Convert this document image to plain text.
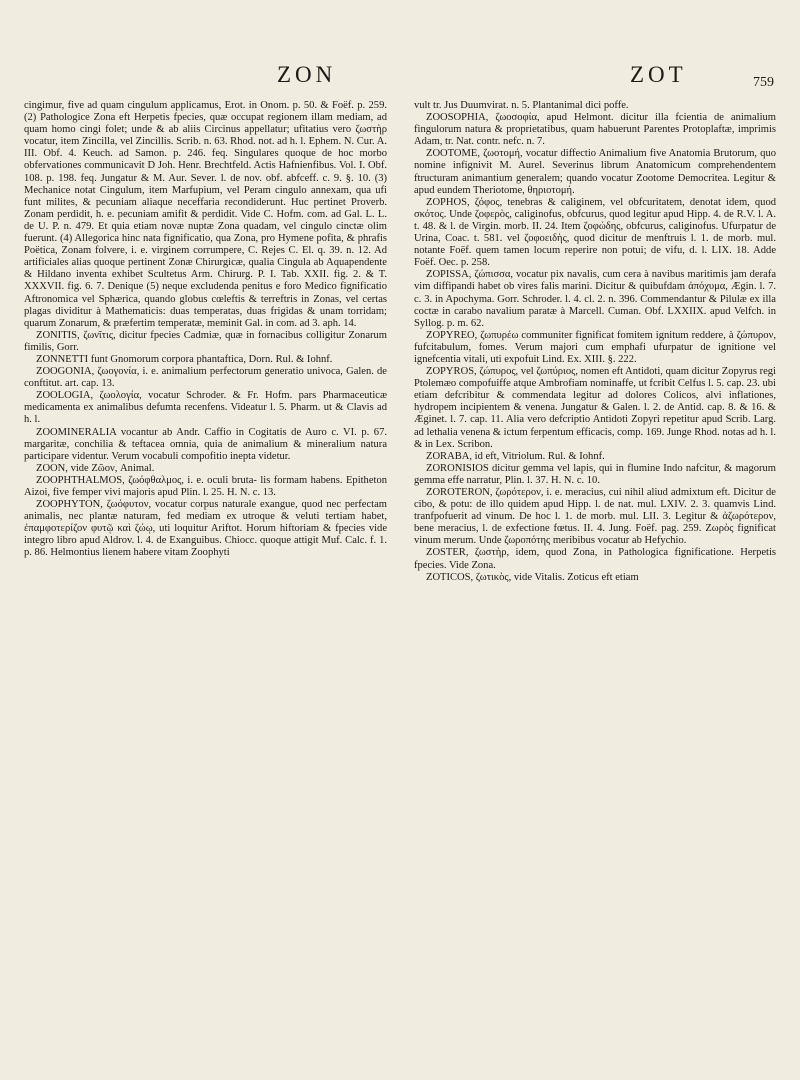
ZON	ZOT	759

cingimur, five ad quam cingulum applicamus, Erot. in Onom. p. 50. & Foëf. p. 259. (2) Pathologice Zona eft Herpetis fpecies, quæ occupat regionem illam mediam, ad quam homo cingi folet; unde & ab aliis Circinus appellatur; ufitatius vero ζωστὴρ vocatur, item Zincilla, vel Zincillis. Scrib. n. 63. Rhod. not. ad h. l. Ephem. N. Cur. A. III. Obf. 4. Keuch. ad Samon. p. 246. feq. Singulares quoque de hoc morbo obfervationes communicavit D Joh. Henr. Brechtfeld. Actis Hafnienfibus. Vol. I. Obf. 108. p. 198. feq. Jungatur & M. Aur. Sever. l. de nov. obf. abfceff. c. 9. §. 10. (3) Mechanice notat Cingulum, item Marfupium, vel Peram cingulo annexam, qua ufi funt milites, & pecuniam aliaque neceffaria recondiderunt. Huc pertinet Proverb. Zonam perdidit, h. e. pecuniam amifit & perdidit. Vide C. Hofm. com. ad Gal. L. L. de U. P. n. 479. Et quia etiam novæ nuptæ Zona quadam, vel cingulo cinctæ olim fuerunt. (4) Allegorica hinc nata fignificatio, qua Zona, pro Hymene pofita, & phrafis Poëtica, Zonam folvere, i. e. virginem corrumpere, C. Rejes C. El. q. 39. n. 12. Ad artificiales alias quoque pertinent Zonæ Chirurgicæ, qualia Cingula ab Aquapendente & Hildano inventa exhibet Scultetus Arm. Chirurg. P. I. Tab. XXII. fig. 2. & T. XXXVII. fig. 6. 7. Denique (5) neque excludenda penitus e foro Medico fignificatio Aftronomica vel Sphærica, quando globus cœleftis & terreftris in Zonas, vel certas plagas dividitur à Mathematicis: duas temperatas, duas frigidas & unam torridam; quarum Zonarum, & præfertim temperatæ, meminit Gal. in com. ad 3. aph. 14.

ZONITIS, ζωνῖτις, dicitur fpecies Cadmiæ, quæ in fornacibus colligitur Zonarum fimilis, Gorr.

ZONNETTI funt Gnomorum corpora phantaftica, Dorn. Rul. & Iohnf.

ZOOGONIA, ζωογονία, i. e. animalium perfectorum generatio univoca, Galen. de conftitut. art. cap. 13.

ZOOLOGIA, ζωολογία, vocatur Schroder. & Fr. Hofm. pars Pharmaceuticæ medicamenta ex animalibus defumta recenfens. Videatur l. 5. Pharm. ut & Clavis ad h. l.

ZOOMINERALIA vocantur ab Andr. Caffio in Cogitatis de Auro c. VI. p. 67. margaritæ, conchilia & teftacea omnia, quia de animalium & mineralium natura participare videntur. Verum vocabuli compofitio inepta videtur.

ZOON, vide Ζῶον, Animal.

ZOOPHTHALMOS, ζωόφθαλμος, i. e. oculi bruta- lis formam habens. Epitheton Aizoi, five femper vivi majoris apud Plin. l. 25. H. N. c. 13.

ZOOPHYTON, ζωόφυτον, vocatur corpus naturale exangue, quod nec perfectam animalis, nec plantæ naturam, fed mediam ex utroque & veluti tertiam habet, ἐπαμφοτερίζον φυτῷ καὶ ζώῳ, uti loquitur Ariftot. Horum hiftoriam & fpecies vide integro libro apud Aldrov. l. 4. de Exanguibus. Chiocc. quoque attigit Muf. Calc. f. 1. p. 86. Helmontius lienem habere vitam Zoophyti

vult tr. Jus Duumvirat. n. 5. Plantanimal dici poffe.

ZOOSOPHIA, ζωοσοφία, apud Helmont. dicitur illa fcientia de animalium fingulorum natura & proprietatibus, quam habuerunt Parentes Protoplaftæ, imprimis Adam, tr. Nat. contr. nefc. n. 7.

ZOOTOME, ζωοτομή, vocatur diffectio Animalium five Anatomia Brutorum, quo nomine infignivit M. Aurel. Severinus librum Anatomicum comprehendentem ftructuram animantium generalem; quando vocatur Zootome Democritea. Legitur & apud eundem Theriotome, θηριοτομή.

ZOPHOS, ζόφος, tenebras & caliginem, vel obfcuritatem, denotat idem, quod σκότος. Unde ζοφερὸς, caliginofus, obfcurus, quod legitur apud Hipp. 4. de R.V. l. A. t. 48. & l. de Virgin. morb. II. 24. Item ζοφώδης, obfcurus, caliginofus. Ufurpatur de Urina, Coac. t. 581. vel ζοφοειδὴς, quod dicitur de menftruis l. 1. de morb. mul. notante Foëf. quem tamen locum reperire non potui; de vifu, d. l. LIX. 18. Adde Foëf. Oec. p. 258.

ZOPISSA, ζώπισσα, vocatur pix navalis, cum cera à navibus maritimis jam derafa vim diffipandi habet ob vires falis marini. Dicitur & quibufdam ἀπόχυμα, Ægin. l. 7. c. 3. in Apochyma. Gorr. Schroder. l. 4. cl. 2. n. 396. Commendantur & Pilulæ ex illa coctæ in carabo navalium paratæ à Marcell. Cuman. Obf. LXXIIX. apud Velfch. in Syllog. p. m. 62.

ZOPYREO, ζωπυρέω communiter fignificat fomitem ignitum reddere, à ζώπυρον, fufcitabulum, fomes. Verum majori cum emphafi ufurpatur de ignitione vel ignefcentia vitali, uti expofuit Lind. Ex. XIII. §. 222.

ZOPYROS, ζώπυρος, vel ζωπύριος, nomen eft Antidoti, quam dicitur Zopyrus regi Ptolemæo compofuiffe atque Ambrofiam nominaffe, ut fcribit Celfus l. 5. cap. 23. ubi etiam defcribitur & commendata legitur ad dolores Colicos, alvi inflationes, hydropem incipientem & venena. Jungatur & Galen. l. 2. de Antid. cap. 8. & 16. & Æginet. l. 7. cap. 11. Alia vero defcriptio Antidoti Zopyri repetitur apud Scrib. Larg. ad lethalia venena & ictum ferpentum efficacis, comp. 169. Junge Rhod. notas ad h. l. & in Lex. Scribon.

ZORABA, id eft, Vitriolum. Rul. & Iohnf.

ZORONISIOS dicitur gemma vel lapis, qui in flumine Indo nafcitur, & magorum gemma effe narratur, Plin. l. 37. H. N. c. 10.

ZOROTERON, ζωρότερον, i. e. meracius, cui nihil aliud admixtum eft. Dicitur de cibo, & potu: de illo quidem apud Hipp. l. de nat. mul. LXIV. 2. 3. quamvis Lind. tranfpofuerit ad vinum. De hoc l. 1. de morb. mul. LII. 3. Legitur & ἀζωρότερον, bene meracius, l. de exfectione fœtus. II. 4. Jung. Foëf. pag. 259. Ζωρὸς fignificat vinum merum. Unde ζωροπότης meribibus vocatur ab Hefychio.

ZOSTER, ζωστὴρ, idem, quod Zona, in Pathologica fignificatione. Herpetis fpecies. Vide Zona.

ZOTICOS, ζωτικὸς, vide Vitalis. Zoticus eft etiam
